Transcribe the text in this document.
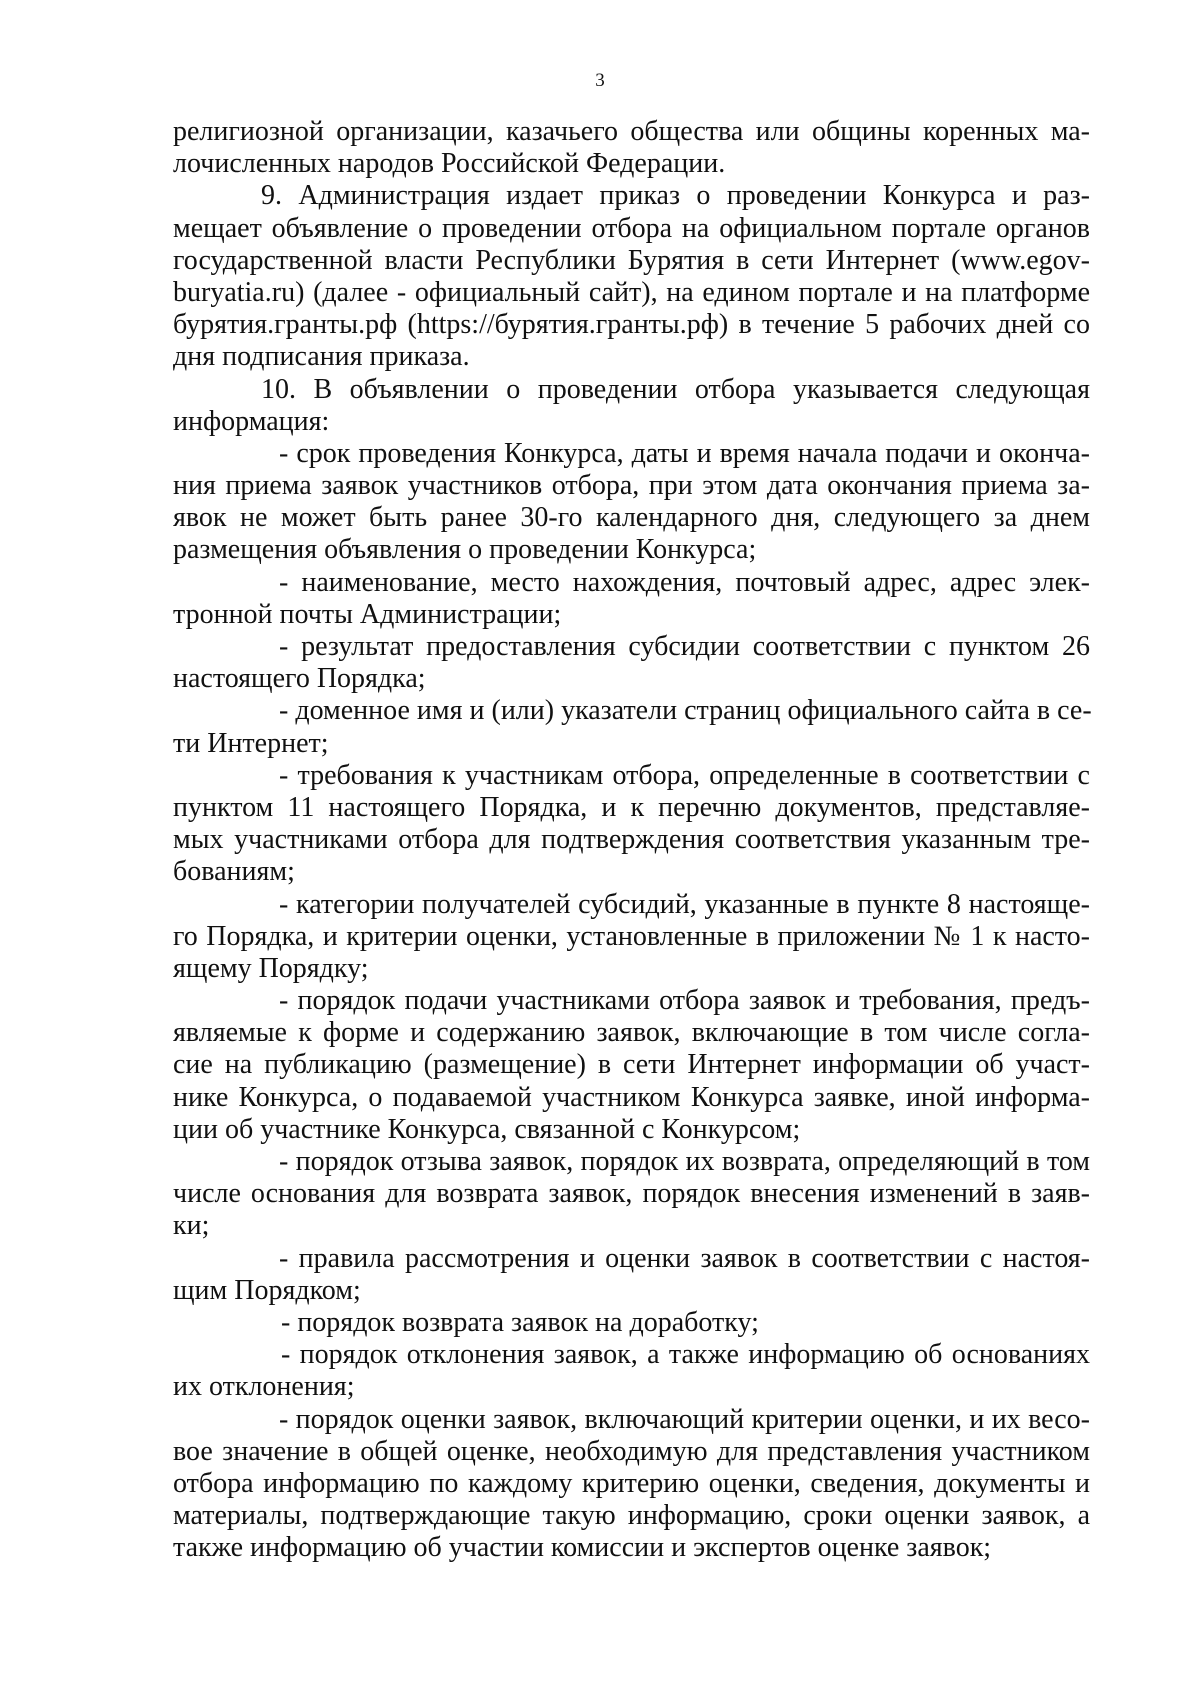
3
религиозной организации, казачьего общества или общины коренных ма-
лочисленных народов Российской Федерации.
9. Администрация издает приказ о проведении Конкурса и раз-
мещает объявление о проведении отбора на официальном портале органов
государственной власти Республики Бурятия в сети Интернет (www.egov-
buryatia.ru) (далее - официальный сайт), на едином портале и на платформе
бурятия.гранты.рф (https://бурятия.гранты.рф) в течение 5 рабочих дней со
дня подписания приказа.
10. В объявлении о проведении отбора указывается следующая
информация:
- срок проведения Конкурса, даты и время начала подачи и оконча-
ния приема заявок участников отбора, при этом дата окончания приема за-
явок не может быть ранее 30-го календарного дня, следующего за днем
размещения объявления о проведении Конкурса;
- наименование, место нахождения, почтовый адрес, адрес элек-
тронной почты Администрации;
- результат предоставления субсидии соответствии с пунктом 26
настоящего Порядка;
- доменное имя и (или) указатели страниц официального сайта в се-
ти Интернет;
- требования к участникам отбора, определенные в соответствии с
пунктом 11 настоящего Порядка, и к перечню документов, представляе-
мых участниками отбора для подтверждения соответствия указанным тре-
бованиям;
- категории получателей субсидий, указанные в пункте 8 настояще-
го Порядка, и критерии оценки, установленные в приложении № 1 к насто-
ящему Порядку;
- порядок подачи участниками отбора заявок и требования, предъ-
являемые к форме и содержанию заявок, включающие в том числе согла-
сие на публикацию (размещение) в сети Интернет информации об участ-
нике Конкурса, о подаваемой участником Конкурса заявке, иной информа-
ции об участнике Конкурса, связанной с Конкурсом;
- порядок отзыва заявок, порядок их возврата, определяющий в том
числе основания для возврата заявок, порядок внесения изменений в заяв-
ки;
- правила рассмотрения и оценки заявок в соответствии с настоя-
щим Порядком;
- порядок возврата заявок на доработку;
- порядок отклонения заявок, а также информацию об основаниях
их отклонения;
- порядок оценки заявок, включающий критерии оценки, и их весо-
вое значение в общей оценке, необходимую для представления участником
отбора информацию по каждому критерию оценки, сведения, документы и
материалы, подтверждающие такую информацию, сроки оценки заявок, а
также информацию об участии комиссии и экспертов оценке заявок;
